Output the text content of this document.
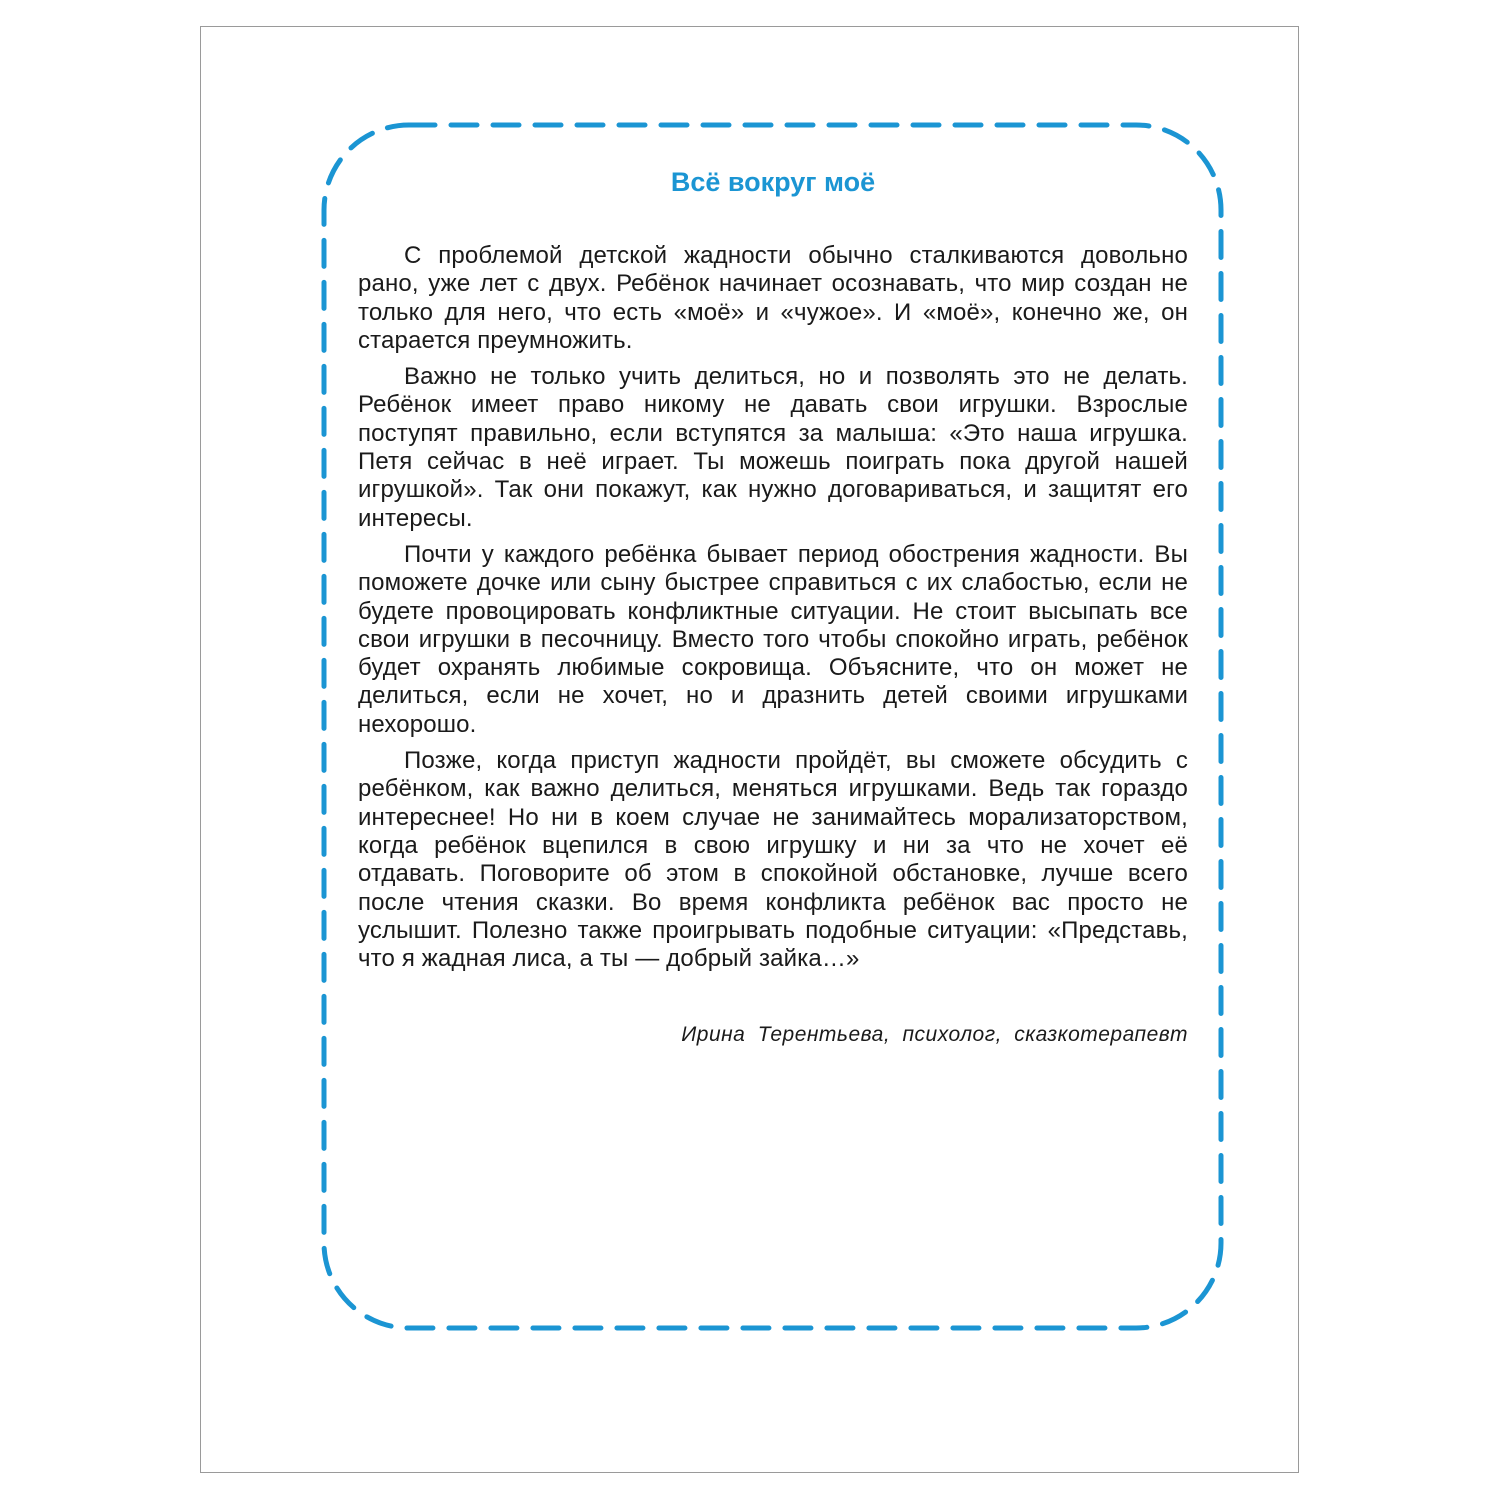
Всё вокруг моё

С проблемой детской жадности обычно сталкиваются довольно рано, уже лет с двух. Ребёнок начинает осознавать, что мир создан не только для него, что есть «моё» и «чужое». И «моё», конечно же, он старается преумножить.

Важно не только учить делиться, но и позволять это не делать. Ребёнок имеет право никому не давать свои игрушки. Взрослые поступят правильно, если вступятся за малыша: «Это наша игрушка. Петя сейчас в неё играет. Ты можешь поиграть пока другой нашей игрушкой». Так они покажут, как нужно договариваться, и защитят его интересы.

Почти у каждого ребёнка бывает период обострения жадности. Вы поможете дочке или сыну быстрее справиться с их слабостью, если не будете провоцировать конфликтные ситуации. Не стоит высыпать все свои игрушки в песочницу. Вместо того чтобы спокойно играть, ребёнок будет охранять любимые сокровища. Объясните, что он может не делиться, если не хочет, но и дразнить детей своими игрушками нехорошо.

Позже, когда приступ жадности пройдёт, вы сможете обсудить с ребёнком, как важно делиться, меняться игрушками. Ведь так гораздо интереснее! Но ни в коем случае не занимайтесь морализаторством, когда ребёнок вцепился в свою игрушку и ни за что не хочет её отдавать. Поговорите об этом в спокойной обстановке, лучше всего после чтения сказки. Во время конфликта ребёнок вас просто не услышит. Полезно также проигрывать подобные ситуации: «Представь, что я жадная лиса, а ты — добрый зайка…»

Ирина Терентьева, психолог, сказкотерапевт
